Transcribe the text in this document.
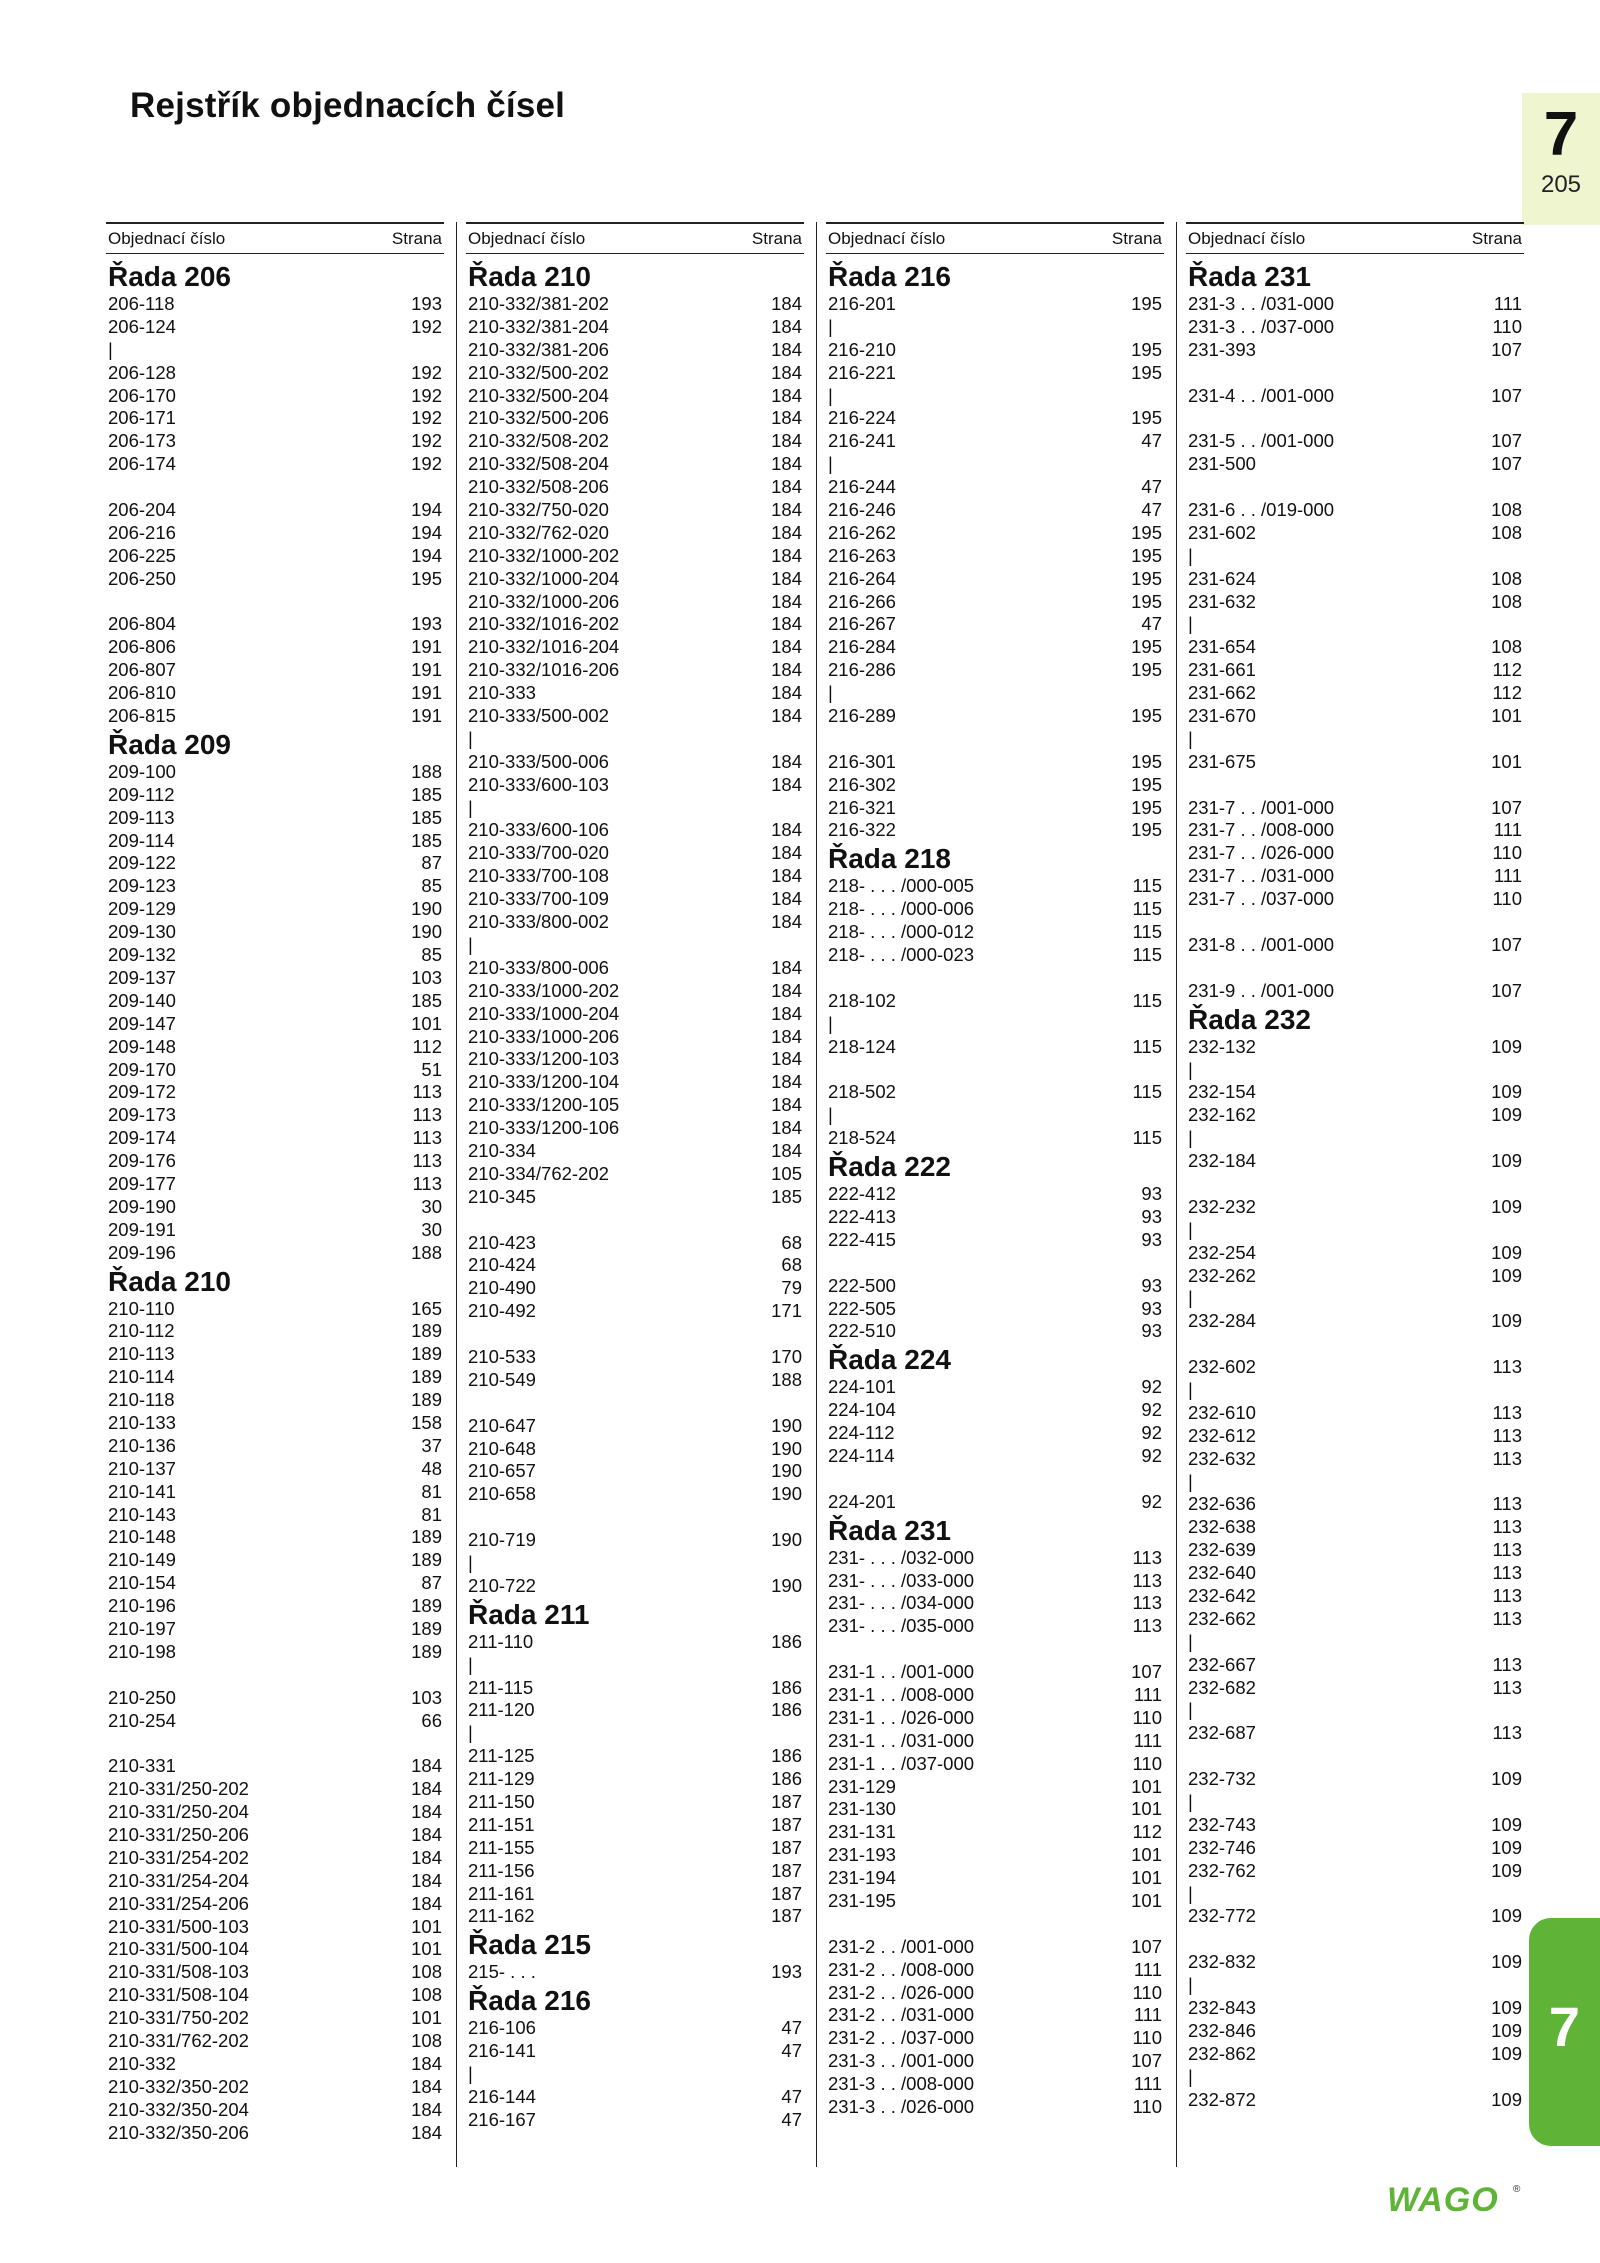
Rejstřík objednacích čísel	7
205
7
Objednací číslo	Strana
Řada 206
206-118	193
206-124	192
|
206-128	192
206-170	192
206-171	192
206-173	192
206-174	192
206-204	194
206-216	194
206-225	194
206-250	195
206-804	193
206-806	191
206-807	191
206-810	191
206-815	191
Řada 209
209-100	188
209-112	185
209-113	185
209-114	185
209-122	87
209-123	85
209-129	190
209-130	190
209-132	85
209-137	103
209-140	185
209-147	101
209-148	112
209-170	51
209-172	113
209-173	113
209-174	113
209-176	113
209-177	113
209-190	30
209-191	30
209-196	188
Řada 210
210-110	165
210-112	189
210-113	189
210-114	189
210-118	189
210-133	158
210-136	37
210-137	48
210-141	81
210-143	81
210-148	189
210-149	189
210-154	87
210-196	189
210-197	189
210-198	189
210-250	103
210-254	66
210-331	184
210-331/250-202	184
210-331/250-204	184
210-331/250-206	184
210-331/254-202	184
210-331/254-204	184
210-331/254-206	184
210-331/500-103	101
210-331/500-104	101
210-331/508-103	108
210-331/508-104	108
210-331/750-202	101
210-331/762-202	108
210-332	184
210-332/350-202	184
210-332/350-204	184
210-332/350-206	184
Objednací číslo	Strana
Řada 210
210-332/381-202	184
210-332/381-204	184
210-332/381-206	184
210-332/500-202	184
210-332/500-204	184
210-332/500-206	184
210-332/508-202	184
210-332/508-204	184
210-332/508-206	184
210-332/750-020	184
210-332/762-020	184
210-332/1000-202	184
210-332/1000-204	184
210-332/1000-206	184
210-332/1016-202	184
210-332/1016-204	184
210-332/1016-206	184
210-333	184
210-333/500-002	184
|
210-333/500-006	184
210-333/600-103	184
|
210-333/600-106	184
210-333/700-020	184
210-333/700-108	184
210-333/700-109	184
210-333/800-002	184
|
210-333/800-006	184
210-333/1000-202	184
210-333/1000-204	184
210-333/1000-206	184
210-333/1200-103	184
210-333/1200-104	184
210-333/1200-105	184
210-333/1200-106	184
210-334	184
210-334/762-202	105
210-345	185
210-423	68
210-424	68
210-490	79
210-492	171
210-533	170
210-549	188
210-647	190
210-648	190
210-657	190
210-658	190
210-719	190
|
210-722	190
Řada 211
211-110	186
|
211-115	186
211-120	186
|
211-125	186
211-129	186
211-150	187
211-151	187
211-155	187
211-156	187
211-161	187
211-162	187
Řada 215
215- . . .	193
Řada 216
216-106	47
216-141	47
|
216-144	47
216-167	47
Objednací číslo	Strana
Řada 216
216-201	195
|
216-210	195
216-221	195
|
216-224	195
216-241	47
|
216-244	47
216-246	47
216-262	195
216-263	195
216-264	195
216-266	195
216-267	47
216-284	195
216-286	195
|
216-289	195
216-301	195
216-302	195
216-321	195
216-322	195
Řada 218
218- . . . /000-005	115
218- . . . /000-006	115
218- . . . /000-012	115
218- . . . /000-023	115
218-102	115
|
218-124	115
218-502	115
|
218-524	115
Řada 222
222-412	93
222-413	93
222-415	93
222-500	93
222-505	93
222-510	93
Řada 224
224-101	92
224-104	92
224-112	92
224-114	92
224-201	92
Řada 231
231- . . . /032-000	113
231- . . . /033-000	113
231- . . . /034-000	113
231- . . . /035-000	113
231-1 . . /001-000	107
231-1 . . /008-000	111
231-1 . . /026-000	110
231-1 . . /031-000	111
231-1 . . /037-000	110
231-129	101
231-130	101
231-131	112
231-193	101
231-194	101
231-195	101
231-2 . . /001-000	107
231-2 . . /008-000	111
231-2 . . /026-000	110
231-2 . . /031-000	111
231-2 . . /037-000	110
231-3 . . /001-000	107
231-3 . . /008-000	111
231-3 . . /026-000	110
Objednací číslo	Strana
Řada 231
231-3 . . /031-000	111
231-3 . . /037-000	110
231-393	107
231-4 . . /001-000	107
231-5 . . /001-000	107
231-500	107
231-6 . . /019-000	108
231-602	108
|
231-624	108
231-632	108
|
231-654	108
231-661	112
231-662	112
231-670	101
|
231-675	101
231-7 . . /001-000	107
231-7 . . /008-000	111
231-7 . . /026-000	110
231-7 . . /031-000	111
231-7 . . /037-000	110
231-8 . . /001-000	107
231-9 . . /001-000	107
Řada 232
232-132	109
|
232-154	109
232-162	109
|
232-184	109
232-232	109
|
232-254	109
232-262	109
|
232-284	109
232-602	113
|
232-610	113
232-612	113
232-632	113
|
232-636	113
232-638	113
232-639	113
232-640	113
232-642	113
232-662	113
|
232-667	113
232-682	113
|
232-687	113
232-732	109
|
232-743	109
232-746	109
232-762	109
|
232-772	109
232-832	109
|
232-843	109
232-846	109
232-862	109
|
232-872	109
WAGO ®
